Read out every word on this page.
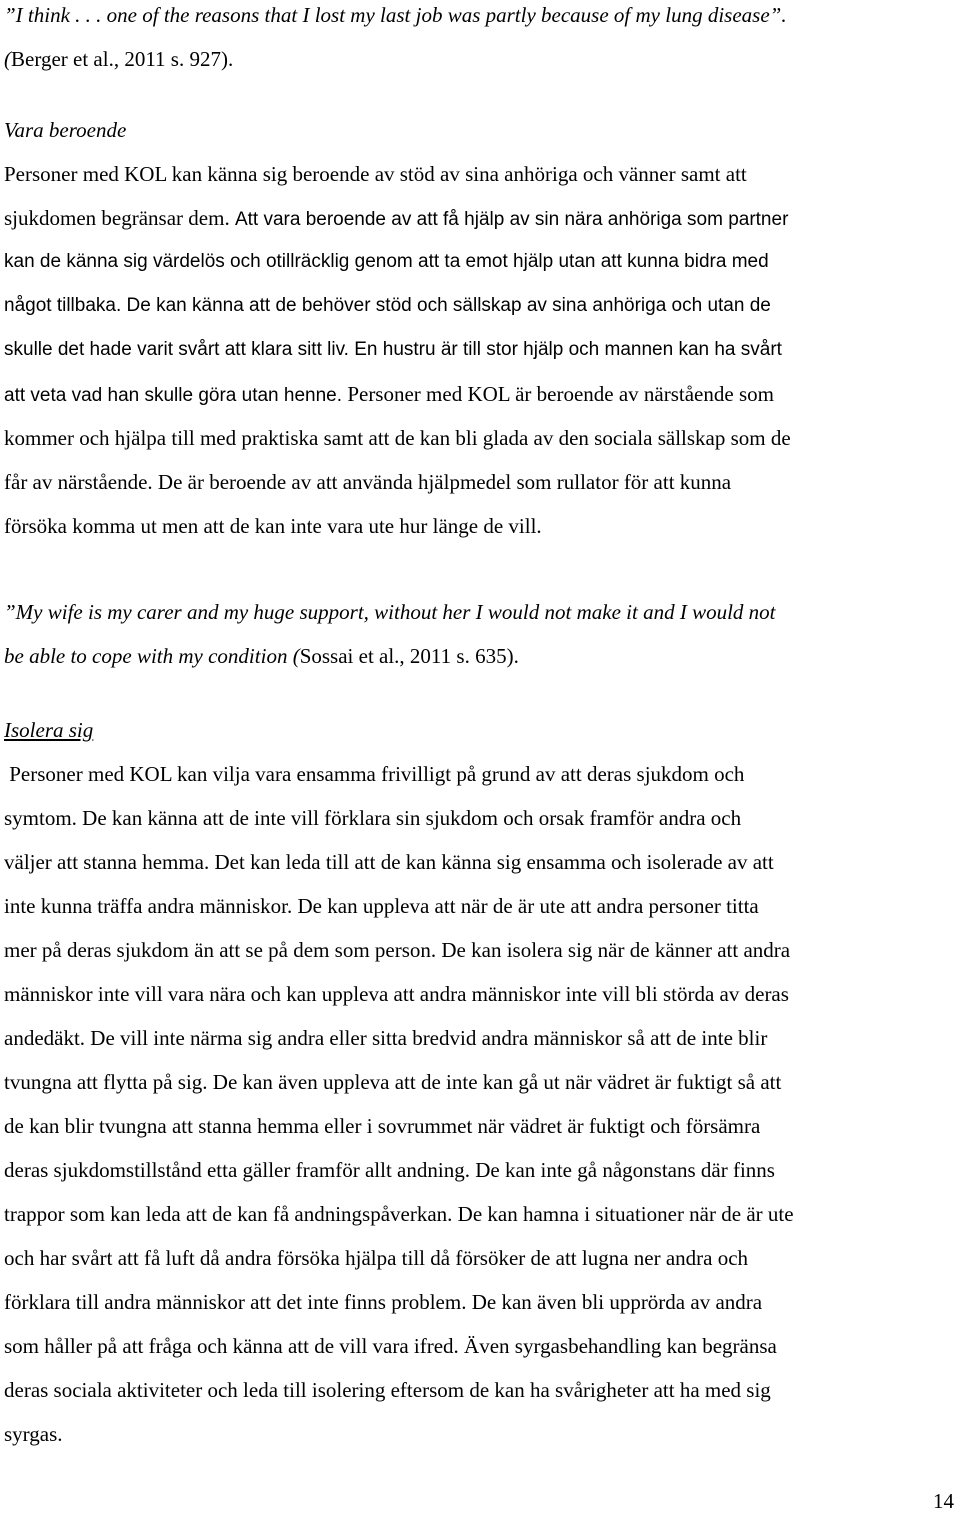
”I think . . . one of the reasons that I lost my last job was partly because of my lung disease”.
(Berger et al., 2011 s. 927).
Vara beroende
Personer med KOL kan känna sig beroende av stöd av sina anhöriga och vänner samt att
sjukdomen begränsar dem. Att vara beroende av att få hjälp av sin nära anhöriga som partner
kan de känna sig värdelös och otillräcklig genom att ta emot hjälp utan att kunna bidra med
något tillbaka. De kan känna att de behöver stöd och sällskap av sina anhöriga och utan de
skulle det hade varit svårt att klara sitt liv. En hustru är till stor hjälp och mannen kan ha svårt
att veta vad han skulle göra utan henne. Personer med KOL är beroende av närstående som
kommer och hjälpa till med praktiska samt att de kan bli glada av den sociala sällskap som de
får av närstående. De är beroende av att använda hjälpmedel som rullator för att kunna
försöka komma ut men att de kan inte vara ute hur länge de vill.
”My wife is my carer and my huge support, without her I would not make it and I would not
be able to cope with my condition (Sossai et al., 2011 s. 635).
Isolera sig
Personer med KOL kan vilja vara ensamma frivilligt på grund av att deras sjukdom och
symtom. De kan känna att de inte vill förklara sin sjukdom och orsak framför andra och
väljer att stanna hemma. Det kan leda till att de kan känna sig ensamma och isolerade av att
inte kunna träffa andra människor. De kan uppleva att när de är ute att andra personer titta
mer på deras sjukdom än att se på dem som person. De kan isolera sig när de känner att andra
människor inte vill vara nära och kan uppleva att andra människor inte vill bli störda av deras
andedäkt. De vill inte närma sig andra eller sitta bredvid andra människor så att de inte blir
tvungna att flytta på sig. De kan även uppleva att de inte kan gå ut när vädret är fuktigt så att
de kan blir tvungna att stanna hemma eller i sovrummet när vädret är fuktigt och försämra
deras sjukdomstillstånd etta gäller framför allt andning. De kan inte gå någonstans där finns
trappor som kan leda att de kan få andningspåverkan. De kan hamna i situationer när de är ute
och har svårt att få luft då andra försöka hjälpa till då försöker de att lugna ner andra och
förklara till andra människor att det inte finns problem. De kan även bli upprörda av andra
som håller på att fråga och känna att de vill vara ifred. Även syrgasbehandling kan begränsa
deras sociala aktiviteter och leda till isolering eftersom de kan ha svårigheter att ha med sig
syrgas.
14
